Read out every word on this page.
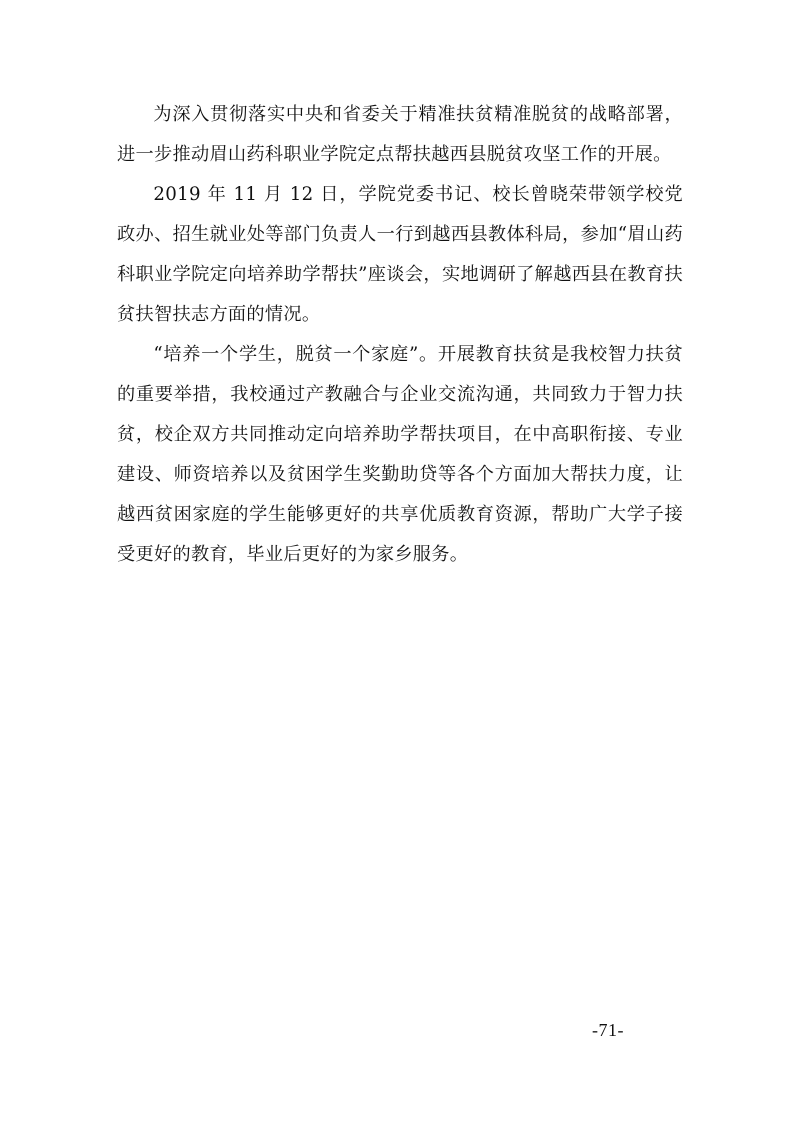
为深入贯彻落实中央和省委关于精准扶贫精准脱贫的战略部署，进一步推动眉山药科职业学院定点帮扶越西县脱贫攻坚工作的开展。

2019 年 11 月 12 日，学院党委书记、校长曾晓荣带领学校党政办、招生就业处等部门负责人一行到越西县教体科局，参加“眉山药科职业学院定向培养助学帮扶”座谈会，实地调研了解越西县在教育扶贫扶智扶志方面的情况。

“培养一个学生，脱贫一个家庭”。开展教育扶贫是我校智力扶贫的重要举措，我校通过产教融合与企业交流沟通，共同致力于智力扶贫，校企双方共同推动定向培养助学帮扶项目，在中高职衔接、专业建设、师资培养以及贫困学生奖勤助贷等各个方面加大帮扶力度，让越西贫困家庭的学生能够更好的共享优质教育资源，帮助广大学子接受更好的教育，毕业后更好的为家乡服务。

-71-
